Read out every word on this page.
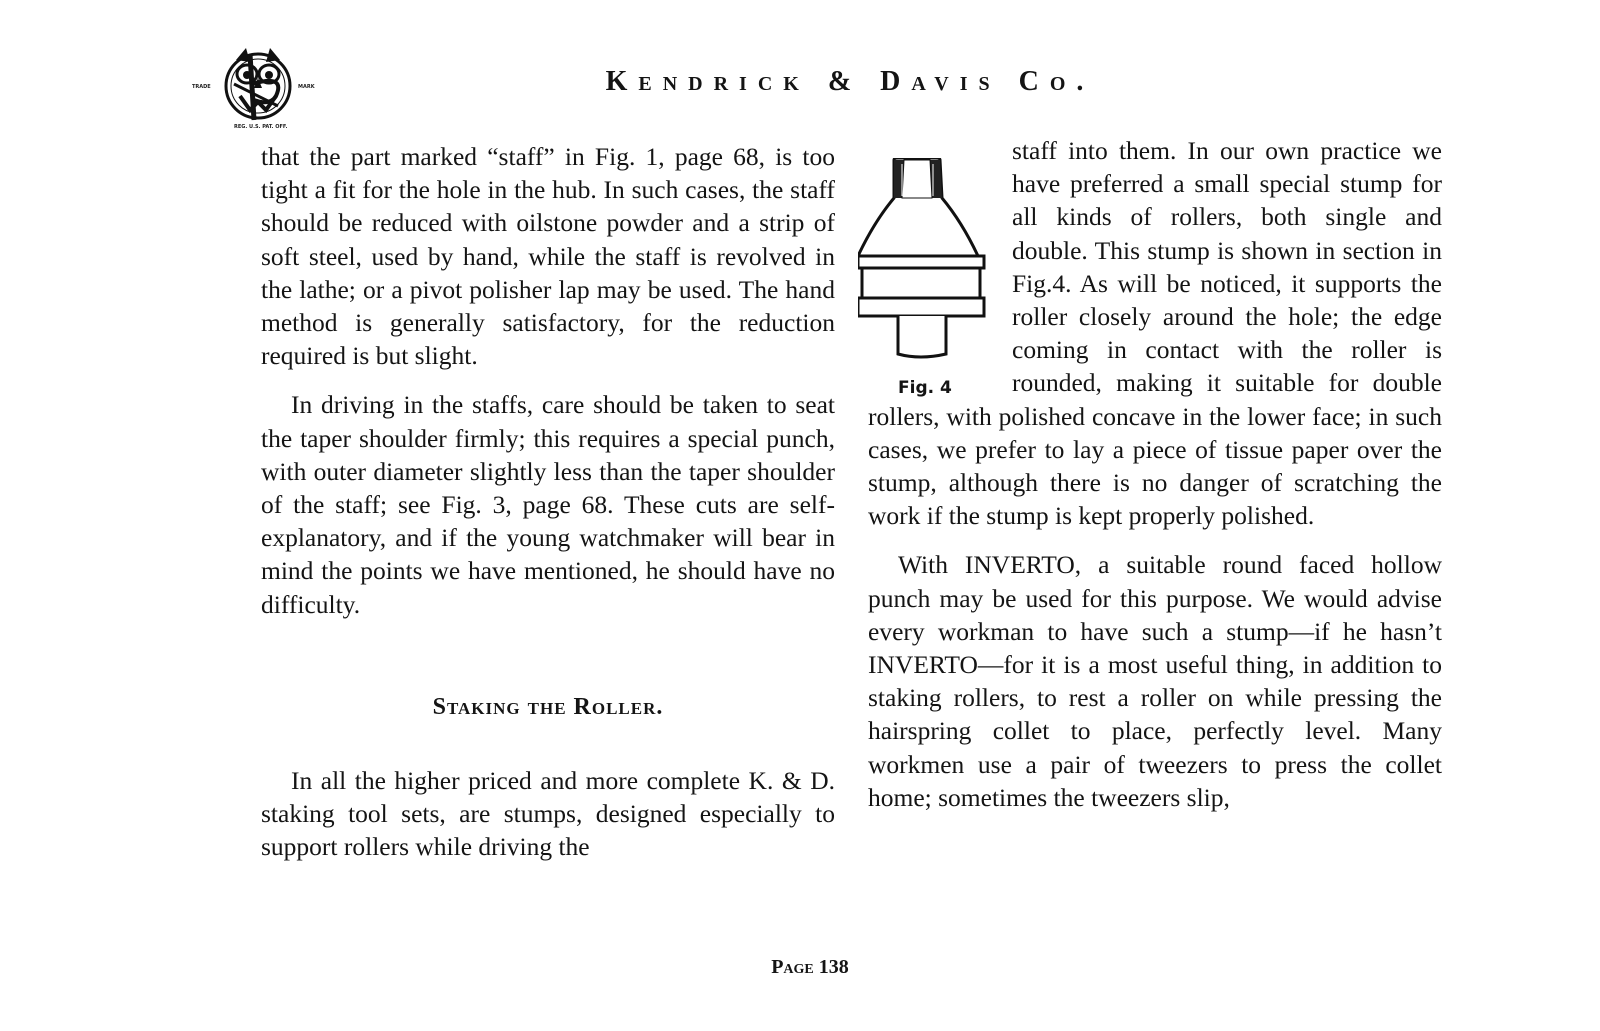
TRADE	MARK
REG. U.S. PAT. OFF.
Kendrick & Davis Co.

that the part marked “staff” in Fig. 1, page 68, is too tight a fit for the hole in the hub. In such cases, the staff should be reduced with oilstone powder and a strip of soft steel, used by hand, while the staff is revolved in the lathe; or a pivot polisher lap may be used. The hand method is generally satisfactory, for the reduction required is but slight.

In driving in the staffs, care should be taken to seat the taper shoulder firmly; this requires a special punch, with outer diameter slightly less than the taper shoulder of the staff; see Fig. 3, page 68. These cuts are self-explanatory, and if the young watchmaker will bear in mind the points we have mentioned, he should have no difficulty.

Staking the Roller.

In all the higher priced and more complete K. & D. staking tool sets, are stumps, designed especially to support rollers while driving the

Fig. 4

staff into them. In our own practice we have preferred a small special stump for all kinds of rollers, both single and double. This stump is shown in section in Fig.4. As will be noticed, it supports the roller closely around the hole; the edge coming in contact with the roller is rounded, making it suitable for double rollers, with polished concave in the lower face; in such cases, we prefer to lay a piece of tissue paper over the stump, although there is no danger of scratching the work if the stump is kept properly polished.

With INVERTO, a suitable round faced hollow punch may be used for this purpose. We would advise every workman to have such a stump—if he hasn’t INVERTO—for it is a most useful thing, in addition to staking rollers, to rest a roller on while pressing the hairspring collet to place, perfectly level. Many workmen use a pair of tweezers to press the collet home; sometimes the tweezers slip,

Page 138
